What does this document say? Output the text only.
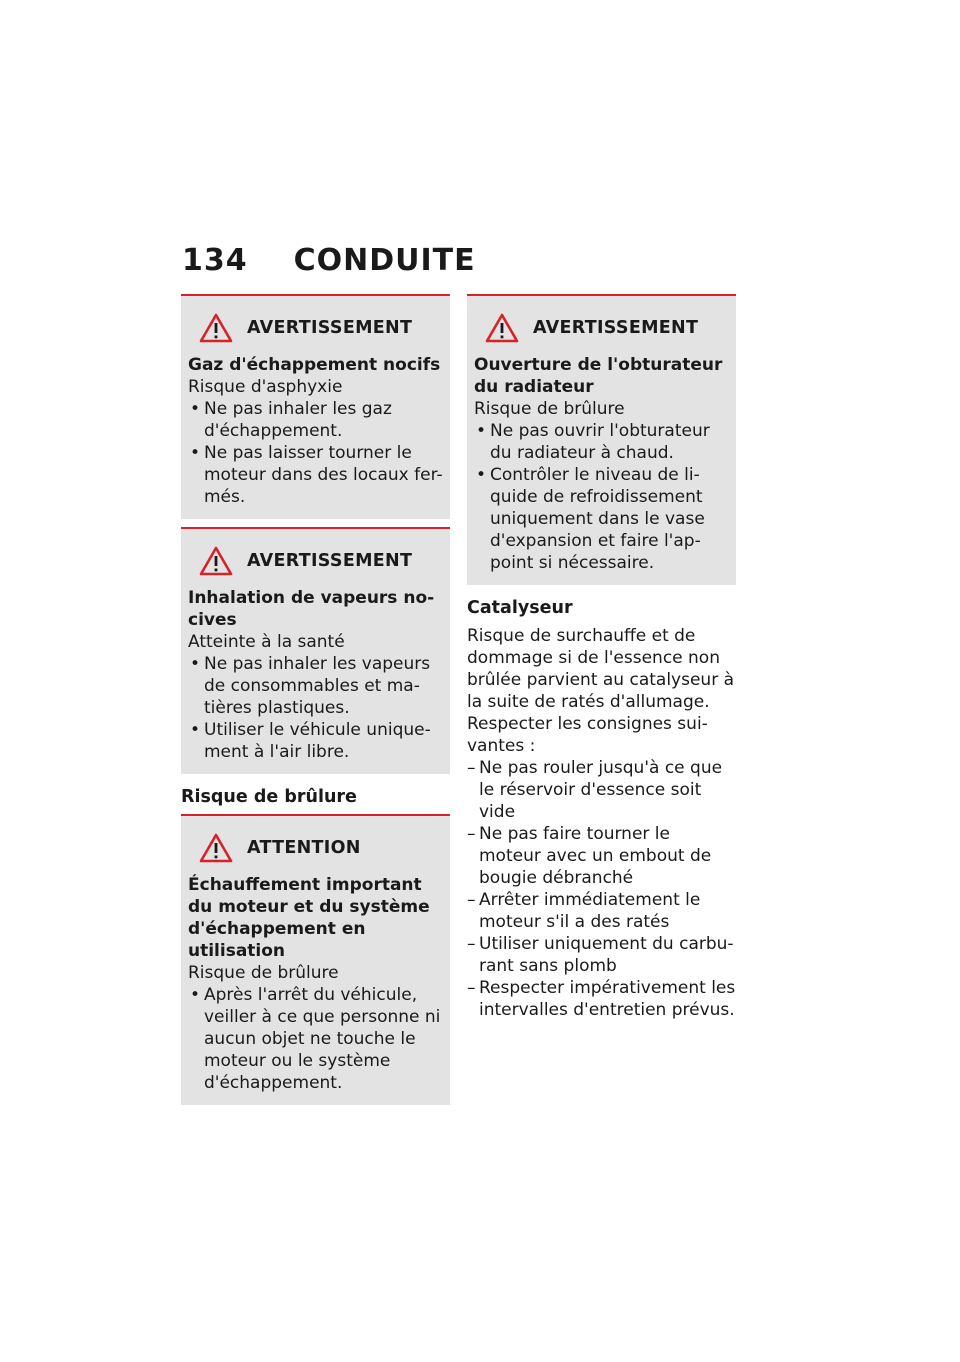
134 CONDUITE
AVERTISSEMENT
Gaz d'échappement nocifs
Risque d'asphyxie
• Ne pas inhaler les gaz d'échappement.
• Ne pas laisser tourner le moteur dans des locaux fer- més.
AVERTISSEMENT
Inhalation de vapeurs no- cives
Atteinte à la santé
• Ne pas inhaler les vapeurs de consommables et ma- tières plastiques.
• Utiliser le véhicule unique- ment à l'air libre.
Risque de brûlure
ATTENTION
Échauffement important du moteur et du système d'échappement en utilisation
Risque de brûlure
• Après l'arrêt du véhicule, veiller à ce que personne ni aucun objet ne touche le moteur ou le système d'échappement.
AVERTISSEMENT
Ouverture de l'obturateur du radiateur
Risque de brûlure
• Ne pas ouvrir l'obturateur du radiateur à chaud.
• Contrôler le niveau de li- quide de refroidissement uniquement dans le vase d'expansion et faire l'ap- point si nécessaire.
Catalyseur

Risque de surchauffe et de dommage si de l'essence non brûlée parvient au catalyseur à la suite de ratés d'allumage. Respecter les consignes sui- vantes :

– Ne pas rouler jusqu'à ce que le réservoir d'essence soit vide
– Ne pas faire tourner le moteur avec un embout de bougie débranché
– Arrêter immédiatement le moteur s'il a des ratés
– Utiliser uniquement du carbu- rant sans plomb
– Respecter impérativement les intervalles d'entretien prévus.
